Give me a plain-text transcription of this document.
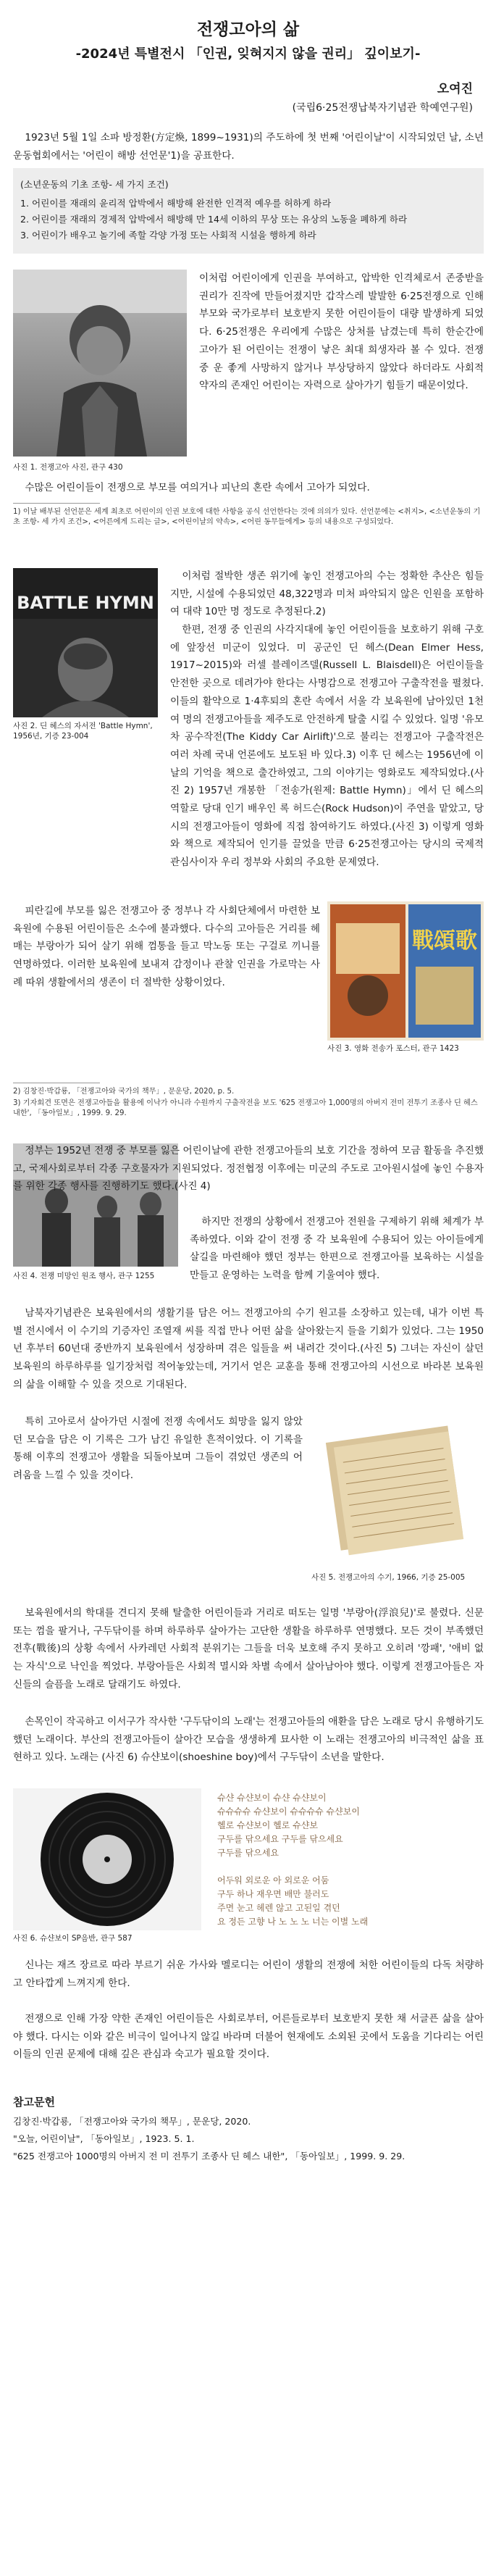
전쟁고아의 삶
-2024년 특별전시 「인권, 잊혀지지 않을 권리」 깊이보기-
오여진
(국립6·25전쟁납북자기념관 학예연구원)

1923년 5월 1일 소파 방정환(方定煥, 1899~1931)의 주도하에 첫 번째 '어린이날'이 시작되었던 날, 소년운동협회에서는 '어린이 해방 선언문'1)을 공표한다.

(소년운동의 기초 조항- 세 가지 조건)
1. 어린이를 재래의 윤리적 압박에서 해방해 완전한 인격적 예우를 허하게 하라
2. 어린이를 재래의 경제적 압박에서 해방해 만 14세 이하의 무상 또는 유상의 노동을 폐하게 하라
3. 어린이가 배우고 놀기에 족할 각양 가정 또는 사회적 시설을 행하게 하라
사진 1. 전쟁고아 사진, 관구 430

이처럼 어린이에게 인권을 부여하고, 압박한 인격체로서 존중받을 권리가 진작에 만들어졌지만 갑작스레 발발한 6·25전쟁으로 인해 부모와 국가로부터 보호받지 못한 어린이들이 대량 발생하게 되었다. 6·25전쟁은 우리에게 수많은 상처를 남겼는데 특히 한순간에 고아가 된 어린이는 전쟁이 낳은 최대 희생자라 볼 수 있다. 전쟁 중 운 좋게 사망하지 않거나 부상당하지 않았다 하더라도 사회적 약자의 존재인 어린이는 자력으로 살아가기 힘들기 때문이었다.

수많은 어린이들이 전쟁으로 부모를 여의거나 피난의 혼란 속에서 고아가 되었다.

1) 이날 배부된 선언문은 세계 최초로 어린이의 인권 보호에 대한 사항을 공식 선언한다는 것에 의의가 있다. 선언문에는 <취지>, <소년운동의 기초 조항- 세 가지 조건>, <어른에게 드리는 글>, <어린이날의 약속>, <어린 동무들에게> 등의 내용으로 구성되었다.

BATTLE HYMN
사진 2. 딘 헤스의 자서전 'Battle Hymn', 1956년, 기증 23-004

이처럼 절박한 생존 위기에 놓인 전쟁고아의 수는 정확한 추산은 힘들지만, 시설에 수용되었던 48,322명과 미처 파악되지 않은 인원을 포함하여 대략 10만 명 정도로 추정된다.2)

한편, 전쟁 중 인권의 사각지대에 놓인 어린이들을 보호하기 위해 구호에 앞장선 미군이 있었다. 미 공군인 딘 헤스(Dean Elmer Hess, 1917~2015)와 러셀 블레이즈델(Russell L. Blaisdell)은 어린이들을 안전한 곳으로 데려가야 한다는 사명감으로 전쟁고아 구출작전을 펼쳤다. 이들의 활약으로 1·4후퇴의 혼란 속에서 서울 각 보육원에 남아있던 1천여 명의 전쟁고아들을 제주도로 안전하게 탈출 시킬 수 있었다. 일명 '유모차 공수작전(The Kiddy Car Airlift)'으로 불리는 전쟁고아 구출작전은 여러 차례 국내 언론에도 보도된 바 있다.3) 이후 딘 헤스는 1956년에 이날의 기억을 책으로 출간하였고, 그의 이야기는 영화로도 제작되었다.(사진 2) 1957년 개봉한 「전송가(원제: Battle Hymn)」에서 딘 헤스의 역할로 당대 인기 배우인 록 허드슨(Rock Hudson)이 주연을 맡았고, 당시의 전쟁고아들이 영화에 직접 참여하기도 하였다.(사진 3) 이렇게 영화와 책으로 제작되어 인기를 끌었을 만큼 6·25전쟁고아는 당시의 국제적 관심사이자 우리 정부와 사회의 주요한 문제였다.

戰頌歌
사진 3. 영화 전송가 포스터, 관구 1423

피란길에 부모를 잃은 전쟁고아 중 정부나 각 사회단체에서 마련한 보육원에 수용된 어린이들은 소수에 불과했다. 다수의 고아들은 거리를 헤매는 부랑아가 되어 살기 위해 껌통을 들고 막노동 또는 구걸로 끼니를 연명하였다. 이러한 보육원에 보내져 감정이나 관찰 인권을 가로막는 사례 따위 생활에서의 생존이 더 절박한 상황이었다.

2) 김창진·박갑룡, 「전쟁고아와 국가의 책무」, 문운당, 2020, p. 5.

3) 기자회견 또면은 전쟁고아들을 활용에 이낙가 아니라 수원까지 구출작전을 보도 '625 전쟁고아 1,000명의 아버지 전미 전투기 조종사 딘 헤스 내한', 「동아일보」, 1999. 9. 29.

사진 4. 전쟁 미망인 원조 행사, 관구 1255

정부는 1952년 전쟁 중 부모를 잃은 어린이날에 관한 전쟁고아들의 보호 기간을 정하여 모금 활동을 추진했고, 국제사회로부터 각종 구호물자가 지원되었다. 정전협정 이후에는 미군의 주도로 고아원시설에 놓인 수용자를 위한 각종 행사를 진행하기도 했다.(사진 4)

하지만 전쟁의 상황에서 전쟁고아 전원을 구제하기 위해 체계가 부족하였다. 이와 같이 전쟁 중 각 보육원에 수용되어 있는 아이들에게 살길을 마련해야 했던 정부는 한편으로 전쟁고아를 보육하는 시설을 만들고 운영하는 노력을 함께 기울여야 했다.

남북자기념관은 보육원에서의 생활기를 담은 어느 전쟁고아의 수기 원고를 소장하고 있는데, 내가 이번 특별 전시에서 이 수기의 기증자인 조열재 씨를 직접 만나 어떤 삶을 살아왔는지 들을 기회가 있었다. 그는 1950년 후부터 60년대 중반까지 보육원에서 성장하며 겪은 일들을 써 내려간 것이다.(사진 5) 그녀는 자신이 살던 보육원의 하루하루를 일기장처럼 적어놓았는데, 거기서 얻은 교훈을 통해 전쟁고아의 시선으로 바라본 보육원의 삶을 이해할 수 있을 것으로 기대된다.

사진 5. 전쟁고아의 수기, 1966, 기증 25-005

특히 고아로서 살아가던 시절에 전쟁 속에서도 희망을 잃지 않았던 모습을 담은 이 기록은 그가 남긴 유일한 흔적이었다. 이 기록을 통해 이후의 전쟁고아 생활을 되돌아보며 그들이 겪었던 생존의 어려움을 느낄 수 있을 것이다.

보육원에서의 학대를 견디지 못해 탈출한 어린이들과 거리로 떠도는 일명 '부랑아(浮浪兒)'로 불렸다. 신문 또는 껌을 팔거나, 구두닦이를 하며 하루하루 살아가는 고단한 생활을 하루하루 연명했다. 모든 것이 부족했던 전후(戰後)의 상황 속에서 사카레던 사회적 분위기는 그들을 더욱 보호해 주지 못하고 오히려 '깡패', '애비 없는 자식'으로 낙인을 찍었다. 부랑아들은 사회적 멸시와 차별 속에서 살아남아야 했다. 이렇게 전쟁고아들은 자신들의 슬픔을 노래로 달래기도 하였다.

손목인이 작곡하고 이서구가 작사한 '구두닦이의 노래'는 전쟁고아들의 애환을 담은 노래로 당시 유행하기도 했던 노래이다. 부산의 전쟁고아들이 살아간 모습을 생생하게 묘사한 이 노래는 전쟁고아의 비극적인 삶을 표현하고 있다. 노래는 (사진 6) 슈샨보이(shoeshine boy)에서 구두닦이 소년을 말한다.

사진 6. 슈샨보이 SP음반, 관구 587
슈샨 슈샨보이 슈샨 슈샨보이
슈슈슈슈 슈샨보이 슈슈슈슈 슈샨보이
헬로 슈샨보이 헬로 슈샨보
구두를 닦으세요 구두를 닦으세요
구두를 닦으세요
어두워 외로운 아 외로운 어둠
구두 하나 재우면 배만 불러도
주면 눈고 헤렌 않고 고된일 겪던
요 정든 고향 나 노 노 노 너는 이별 노래

신나는 재즈 장르로 따라 부르기 쉬운 가사와 멜로디는 어린이 생활의 전쟁에 처한 어린이들의 다독 처량하고 안타깝게 느껴지게 한다.

전쟁으로 인해 가장 약한 존재인 어린이들은 사회로부터, 어른들로부터 보호받지 못한 채 서글픈 삶을 살아야 했다. 다시는 이와 같은 비극이 일어나지 않길 바라며 더불어 현재에도 소외된 곳에서 도움을 기다리는 어린이들의 인권 문제에 대해 깊은 관심과 숙고가 필요할 것이다.

참고문헌
김창진·박갑룡, 「전쟁고아와 국가의 책무」, 문운당, 2020.
"오늘, 어린이날", 「동아일보」, 1923. 5. 1.
"625 전쟁고아 1000명의 아버지 전 미 전투기 조종사 딘 헤스 내한", 「동아일보」, 1999. 9. 29.
